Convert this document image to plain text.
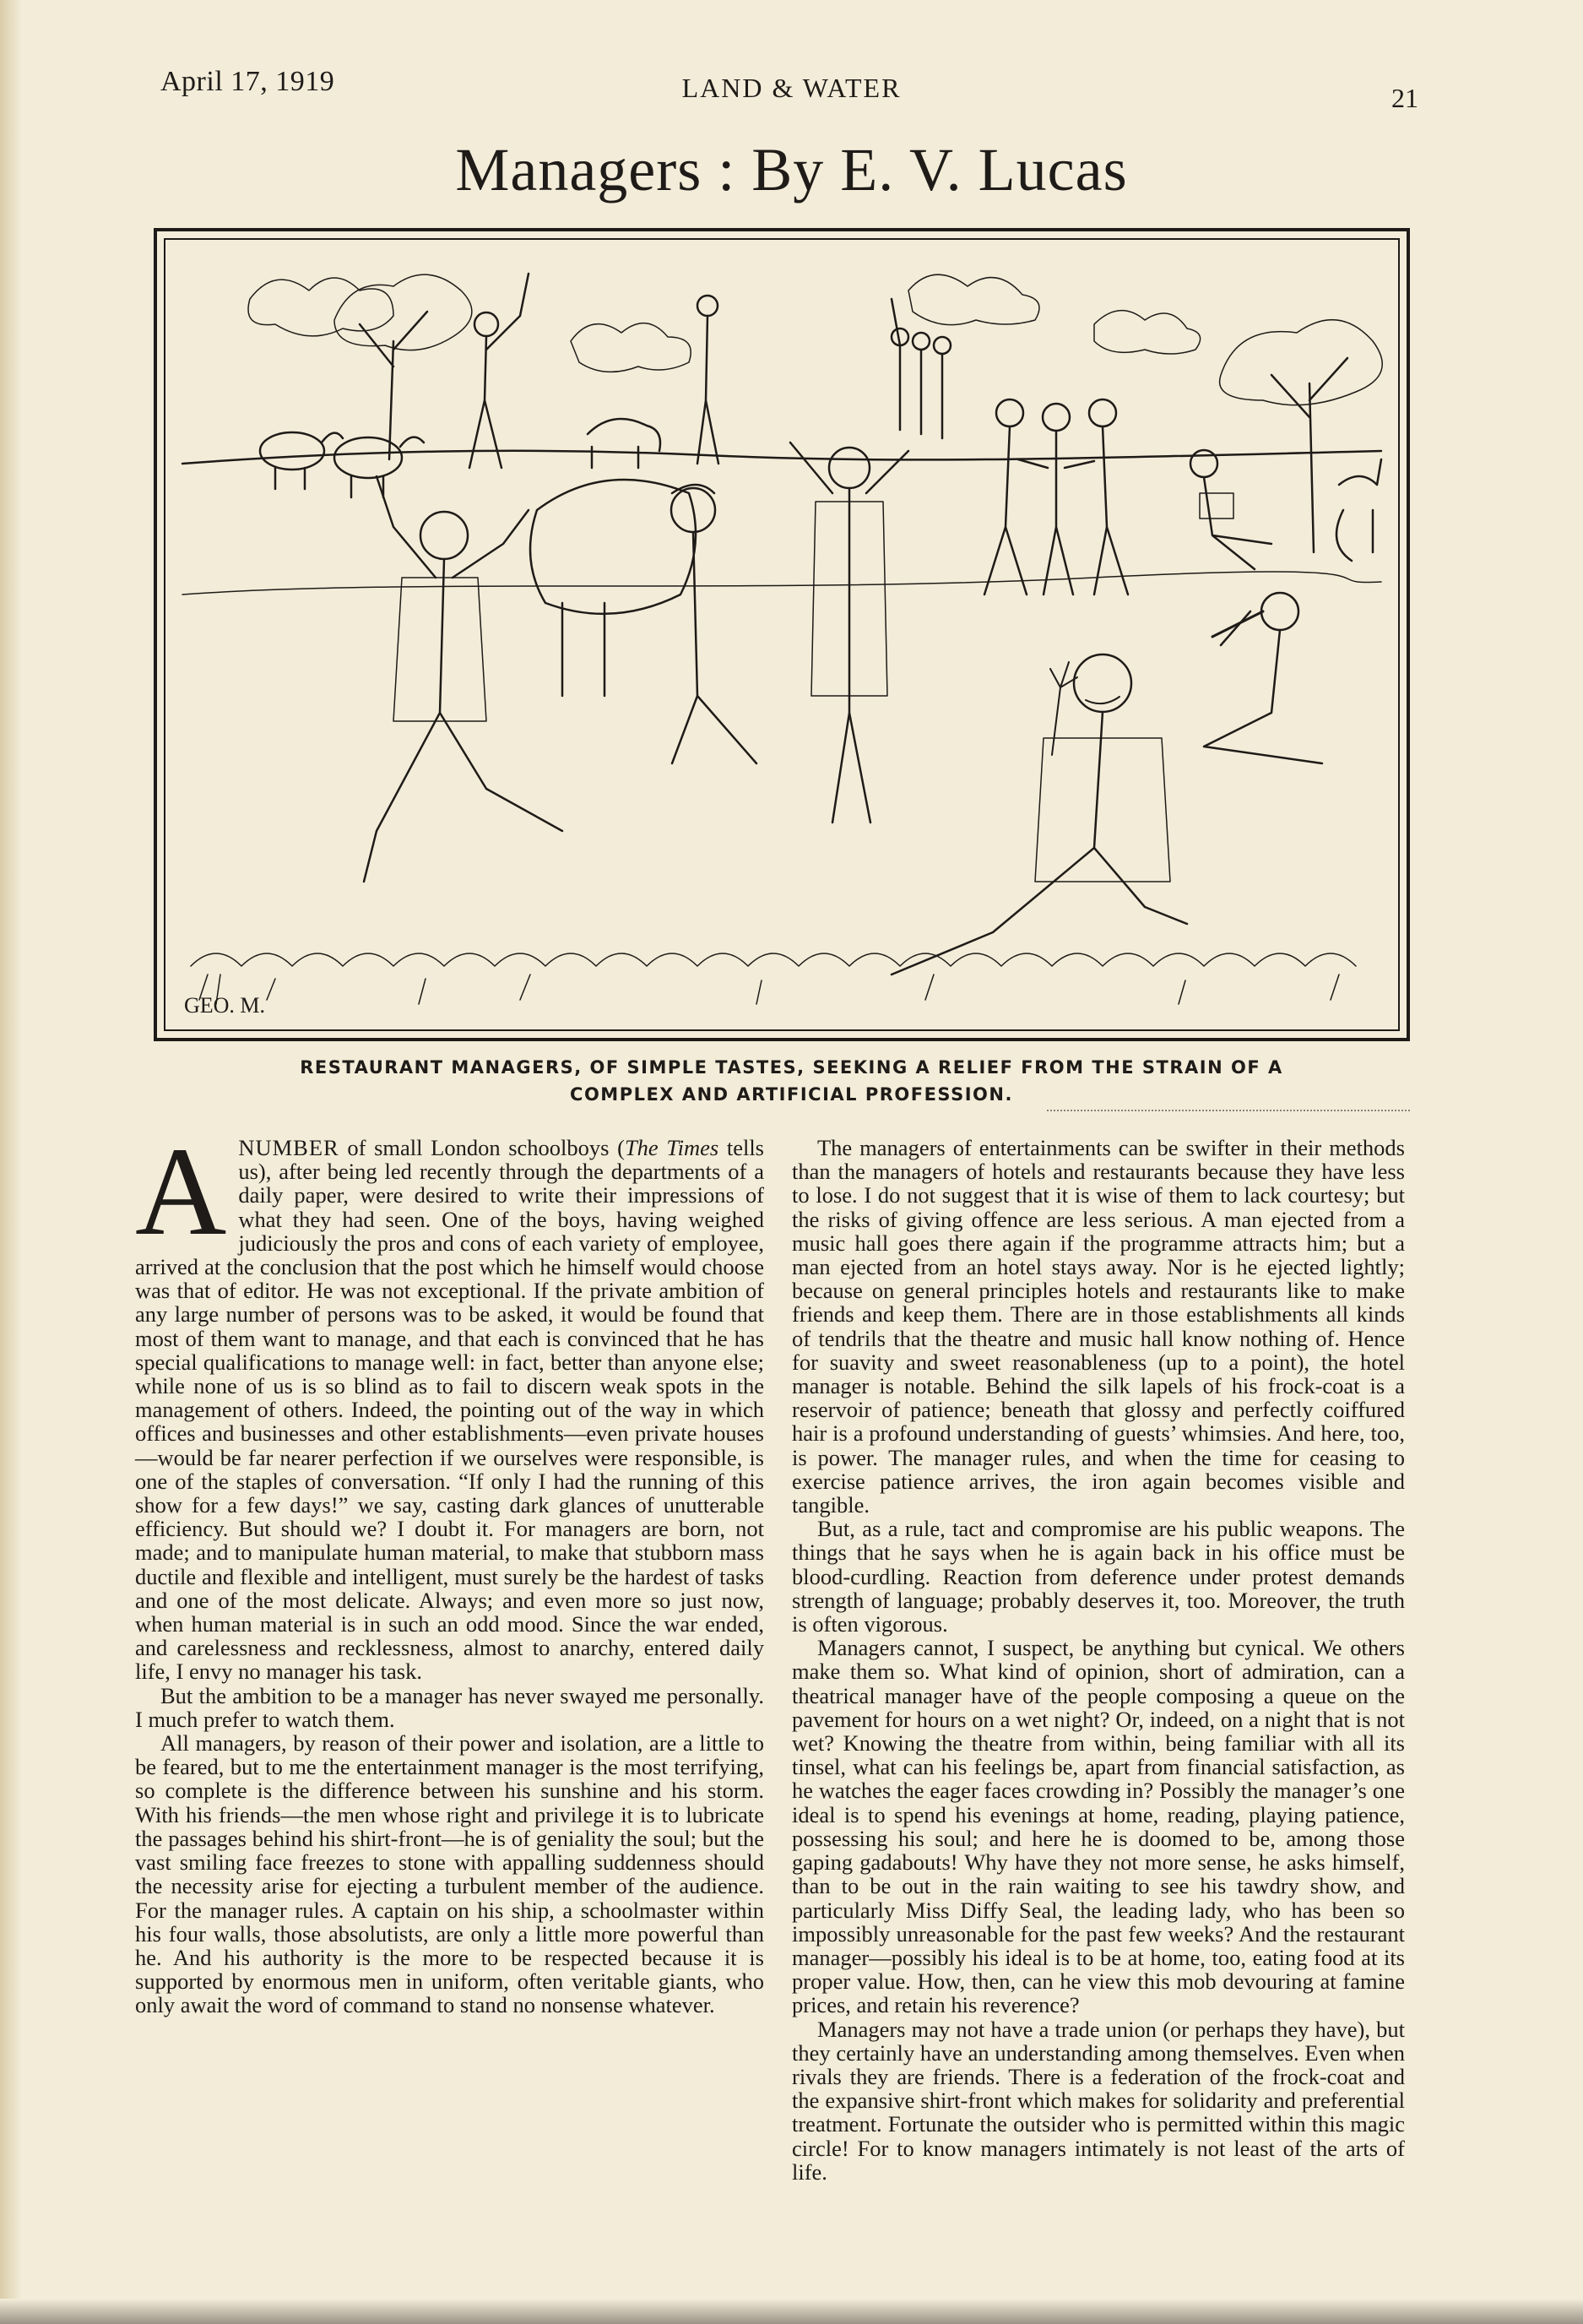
April 17, 1919	LAND & WATER	21
Managers : By E. V. Lucas
GEO. M.
RESTAURANT MANAGERS, OF SIMPLE TASTES, SEEKING A RELIEF FROM THE STRAIN OF A
COMPLEX AND ARTIFICIAL PROFESSION.

ANUMBER of small London schoolboys (The Times tells us), after being led recently through the departments of a daily paper, were desired to write their impressions of what they had seen. One of the boys, having weighed judiciously the pros and cons of each variety of employee, arrived at the conclusion that the post which he himself would choose was that of editor. He was not exceptional. If the private ambition of any large number of persons was to be asked, it would be found that most of them want to manage, and that each is convinced that he has special qualifications to manage well: in fact, better than anyone else; while none of us is so blind as to fail to discern weak spots in the management of others. Indeed, the pointing out of the way in which offices and businesses and other establishments—even private houses—would be far nearer perfection if we ourselves were responsible, is one of the staples of conversation. “If only I had the running of this show for a few days!” we say, casting dark glances of unutterable efficiency. But should we? I doubt it. For managers are born, not made; and to manipulate human material, to make that stubborn mass ductile and flexible and intelligent, must surely be the hardest of tasks and one of the most delicate. Always; and even more so just now, when human material is in such an odd mood. Since the war ended, and carelessness and recklessness, almost to anarchy, entered daily life, I envy no manager his task.

But the ambition to be a manager has never swayed me personally. I much prefer to watch them.

All managers, by reason of their power and isolation, are a little to be feared, but to me the entertainment manager is the most terrifying, so complete is the difference between his sunshine and his storm. With his friends—the men whose right and privilege it is to lubricate the passages behind his shirt-front—he is of geniality the soul; but the vast smiling face freezes to stone with appalling suddenness should the necessity arise for ejecting a turbulent member of the audience. For the manager rules. A captain on his ship, a schoolmaster within his four walls, those absolutists, are only a little more powerful than he. And his authority is the more to be respected because it is supported by enormous men in uniform, often veritable giants, who only await the word of command to stand no nonsense whatever.

The managers of entertainments can be swifter in their methods than the managers of hotels and restaurants because they have less to lose. I do not suggest that it is wise of them to lack courtesy; but the risks of giving offence are less serious. A man ejected from a music hall goes there again if the programme attracts him; but a man ejected from an hotel stays away. Nor is he ejected lightly; because on general principles hotels and restaurants like to make friends and keep them. There are in those establishments all kinds of tendrils that the theatre and music hall know nothing of. Hence for suavity and sweet reasonableness (up to a point), the hotel manager is notable. Behind the silk lapels of his frock-coat is a reservoir of patience; beneath that glossy and perfectly coiffured hair is a profound understanding of guests’ whimsies. And here, too, is power. The manager rules, and when the time for ceasing to exercise patience arrives, the iron again becomes visible and tangible.

But, as a rule, tact and compromise are his public weapons. The things that he says when he is again back in his office must be blood-curdling. Reaction from deference under protest demands strength of language; probably deserves it, too. Moreover, the truth is often vigorous.

Managers cannot, I suspect, be anything but cynical. We others make them so. What kind of opinion, short of admiration, can a theatrical manager have of the people composing a queue on the pavement for hours on a wet night? Or, indeed, on a night that is not wet? Knowing the theatre from within, being familiar with all its tinsel, what can his feelings be, apart from financial satisfaction, as he watches the eager faces crowding in? Possibly the manager’s one ideal is to spend his evenings at home, reading, playing patience, possessing his soul; and here he is doomed to be, among those gaping gadabouts! Why have they not more sense, he asks himself, than to be out in the rain waiting to see his tawdry show, and particularly Miss Diffy Seal, the leading lady, who has been so impossibly unreasonable for the past few weeks? And the restaurant manager—possibly his ideal is to be at home, too, eating food at its proper value. How, then, can he view this mob devouring at famine prices, and retain his reverence?

Managers may not have a trade union (or perhaps they have), but they certainly have an understanding among themselves. Even when rivals they are friends. There is a federation of the frock-coat and the expansive shirt-front which makes for solidarity and preferential treatment. Fortunate the outsider who is permitted within this magic circle! For to know managers intimately is not least of the arts of life.
